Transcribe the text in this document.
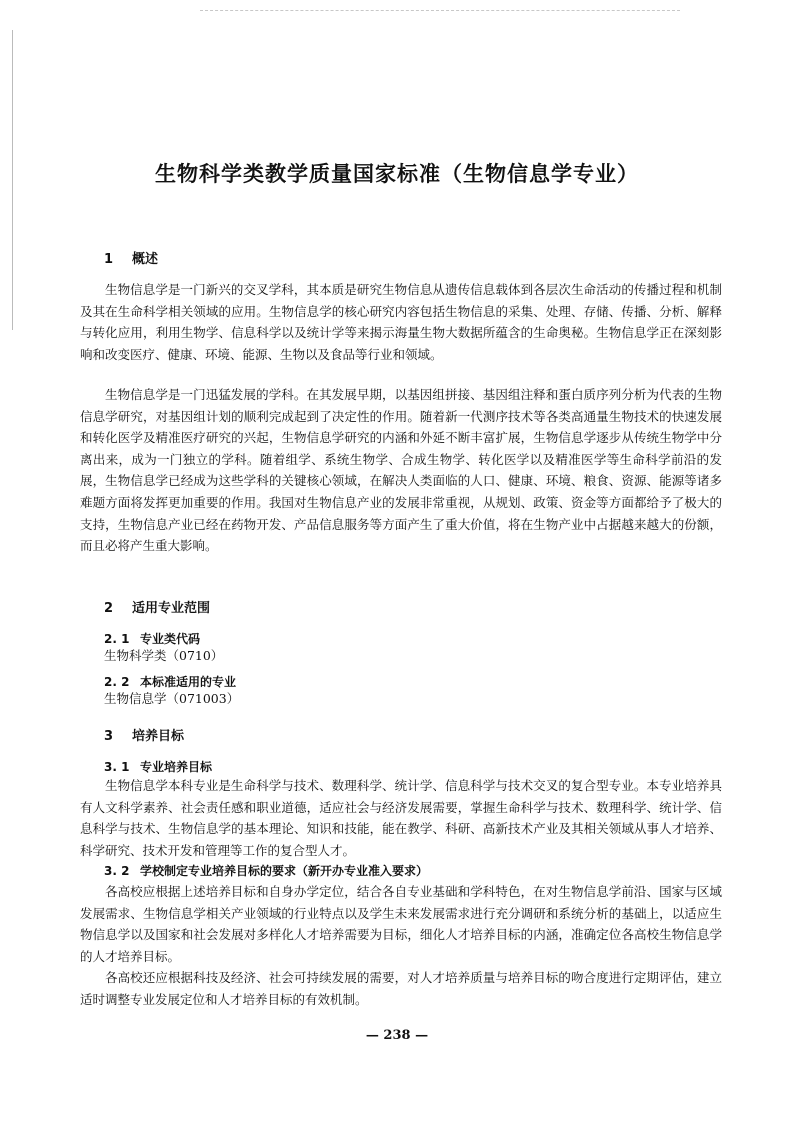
生物科学类教学质量国家标准（生物信息学专业）
1 概述

生物信息学是一门新兴的交叉学科，其本质是研究生物信息从遗传信息载体到各层次生命活动的传播过程和机制及其在生命科学相关领域的应用。生物信息学的核心研究内容包括生物信息的采集、处理、存储、传播、分析、解释与转化应用，利用生物学、信息科学以及统计学等来揭示海量生物大数据所蕴含的生命奥秘。生物信息学正在深刻影响和改变医疗、健康、环境、能源、生物以及食品等行业和领域。

生物信息学是一门迅猛发展的学科。在其发展早期，以基因组拼接、基因组注释和蛋白质序列分析为代表的生物信息学研究，对基因组计划的顺利完成起到了决定性的作用。随着新一代测序技术等各类高通量生物技术的快速发展和转化医学及精准医疗研究的兴起，生物信息学研究的内涵和外延不断丰富扩展，生物信息学逐步从传统生物学中分离出来，成为一门独立的学科。随着组学、系统生物学、合成生物学、转化医学以及精准医学等生命科学前沿的发展，生物信息学已经成为这些学科的关键核心领域，在解决人类面临的人口、健康、环境、粮食、资源、能源等诸多难题方面将发挥更加重要的作用。我国对生物信息产业的发展非常重视，从规划、政策、资金等方面都给予了极大的支持，生物信息产业已经在药物开发、产品信息服务等方面产生了重大价值，将在生物产业中占据越来越大的份额，而且必将产生重大影响。

2 适用专业范围
2. 1 专业类代码
生物科学类（0710）
2. 2 本标准适用的专业
生物信息学（071003）
3 培养目标
3. 1 专业培养目标

生物信息学本科专业是生命科学与技术、数理科学、统计学、信息科学与技术交叉的复合型专业。本专业培养具有人文科学素养、社会责任感和职业道德，适应社会与经济发展需要，掌握生命科学与技术、数理科学、统计学、信息科学与技术、生物信息学的基本理论、知识和技能，能在教学、科研、高新技术产业及其相关领域从事人才培养、科学研究、技术开发和管理等工作的复合型人才。

3. 2 学校制定专业培养目标的要求（新开办专业准入要求）

各高校应根据上述培养目标和自身办学定位，结合各自专业基础和学科特色，在对生物信息学前沿、国家与区域发展需求、生物信息学相关产业领域的行业特点以及学生未来发展需求进行充分调研和系统分析的基础上，以适应生物信息学以及国家和社会发展对多样化人才培养需要为目标，细化人才培养目标的内涵，准确定位各高校生物信息学的人才培养目标。

各高校还应根据科技及经济、社会可持续发展的需要，对人才培养质量与培养目标的吻合度进行定期评估，建立适时调整专业发展定位和人才培养目标的有效机制。

— 238 —
